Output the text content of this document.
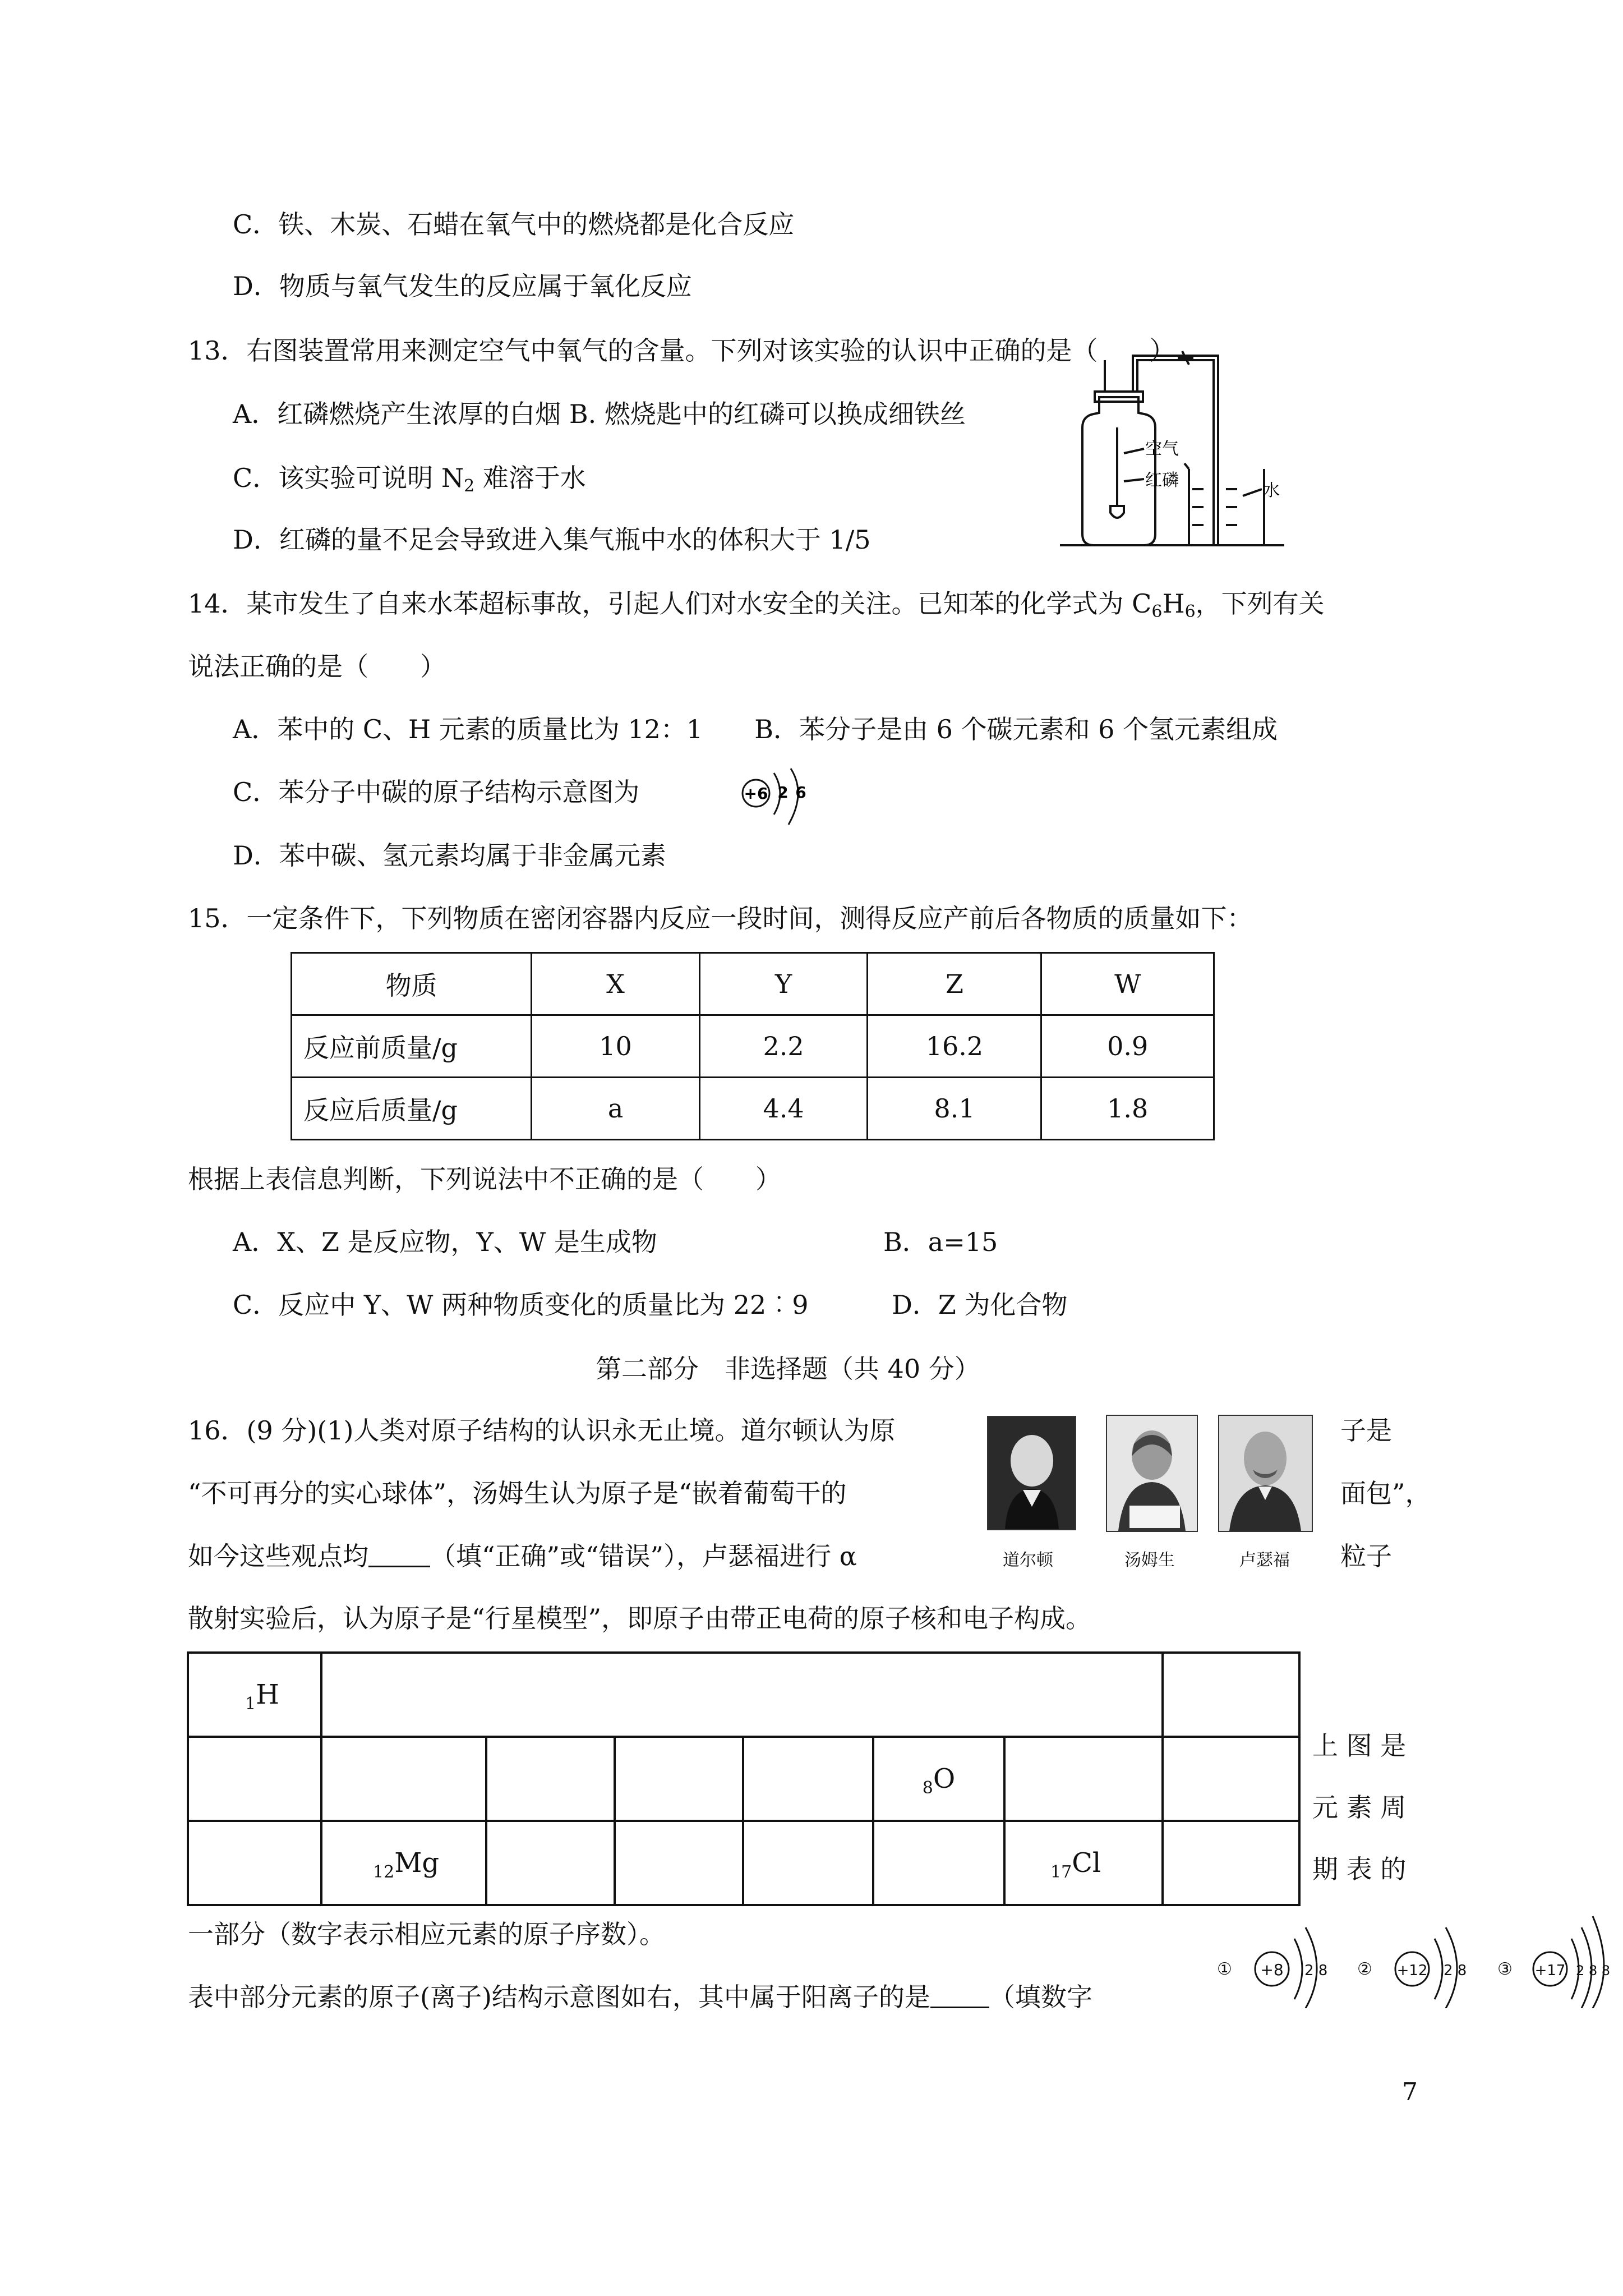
C．铁、木炭、石蜡在氧气中的燃烧都是化合反应
D．物质与氧气发生的反应属于氧化反应
13．右图装置常用来测定空气中氧气的含量。下列对该实验的认识中正确的是（　　）
A．红磷燃烧产生浓厚的白烟 B. 燃烧匙中的红磷可以换成细铁丝
C．该实验可说明 $N_2$ 难溶于水
D．红磷的量不足会导致进入集气瓶中水的体积大于 1/5
空气
红磷
水
14．某市发生了自来水苯超标事故，引起人们对水安全的关注。已知苯的化学式为 $C_6H_6$，下列有关
说法正确的是（　　）
A．苯中的 C、H 元素的质量比为 12：1　　B．苯分子是由 6 个碳元素和 6 个氢元素组成
C．苯分子中碳的原子结构示意图为	+6 2 6
D．苯中碳、氢元素均属于非金属元素
15．一定条件下，下列物质在密闭容器内反应一段时间，测得反应产前后各物质的质量如下：
物质	X	Y	Z	W
反应前质量/g	10	2.2	16.2	0.9
反应后质量/g	a	4.4	8.1	1.8
根据上表信息判断，下列说法中不正确的是（　　）
A．X、Z 是反应物，Y、W 是生成物	B．a=15
C．反应中 Y、W 两种物质变化的质量比为 22︰9	D．Z 为化合物
第二部分　非选择题（共 40 分）
16．(9 分)(1)人类对原子结构的认识永无止境。道尔顿认为原	子是
“不可再分的实心球体”，汤姆生认为原子是“嵌着葡萄干的	面包”，
如今这些观点均 （填“正确”或“错误”），卢瑟福进行 α	粒子
散射实验后，认为原子是“行星模型”，即原子由带正电荷的原子核和电子构成。
道尔顿	汤姆生	卢瑟福
$_1$H							
					$_8$O		
	$_{12}$Mg					$_{17}$Cl	
上 图 是
元 素 周
期 表 的
一部分（数字表示相应元素的原子序数）。
表中部分元素的原子(离子)结构示意图如右，其中属于阳离子的是 （填数字
① +8 2 8 ② +12 2 8 ③ +17 2 8 8
7
